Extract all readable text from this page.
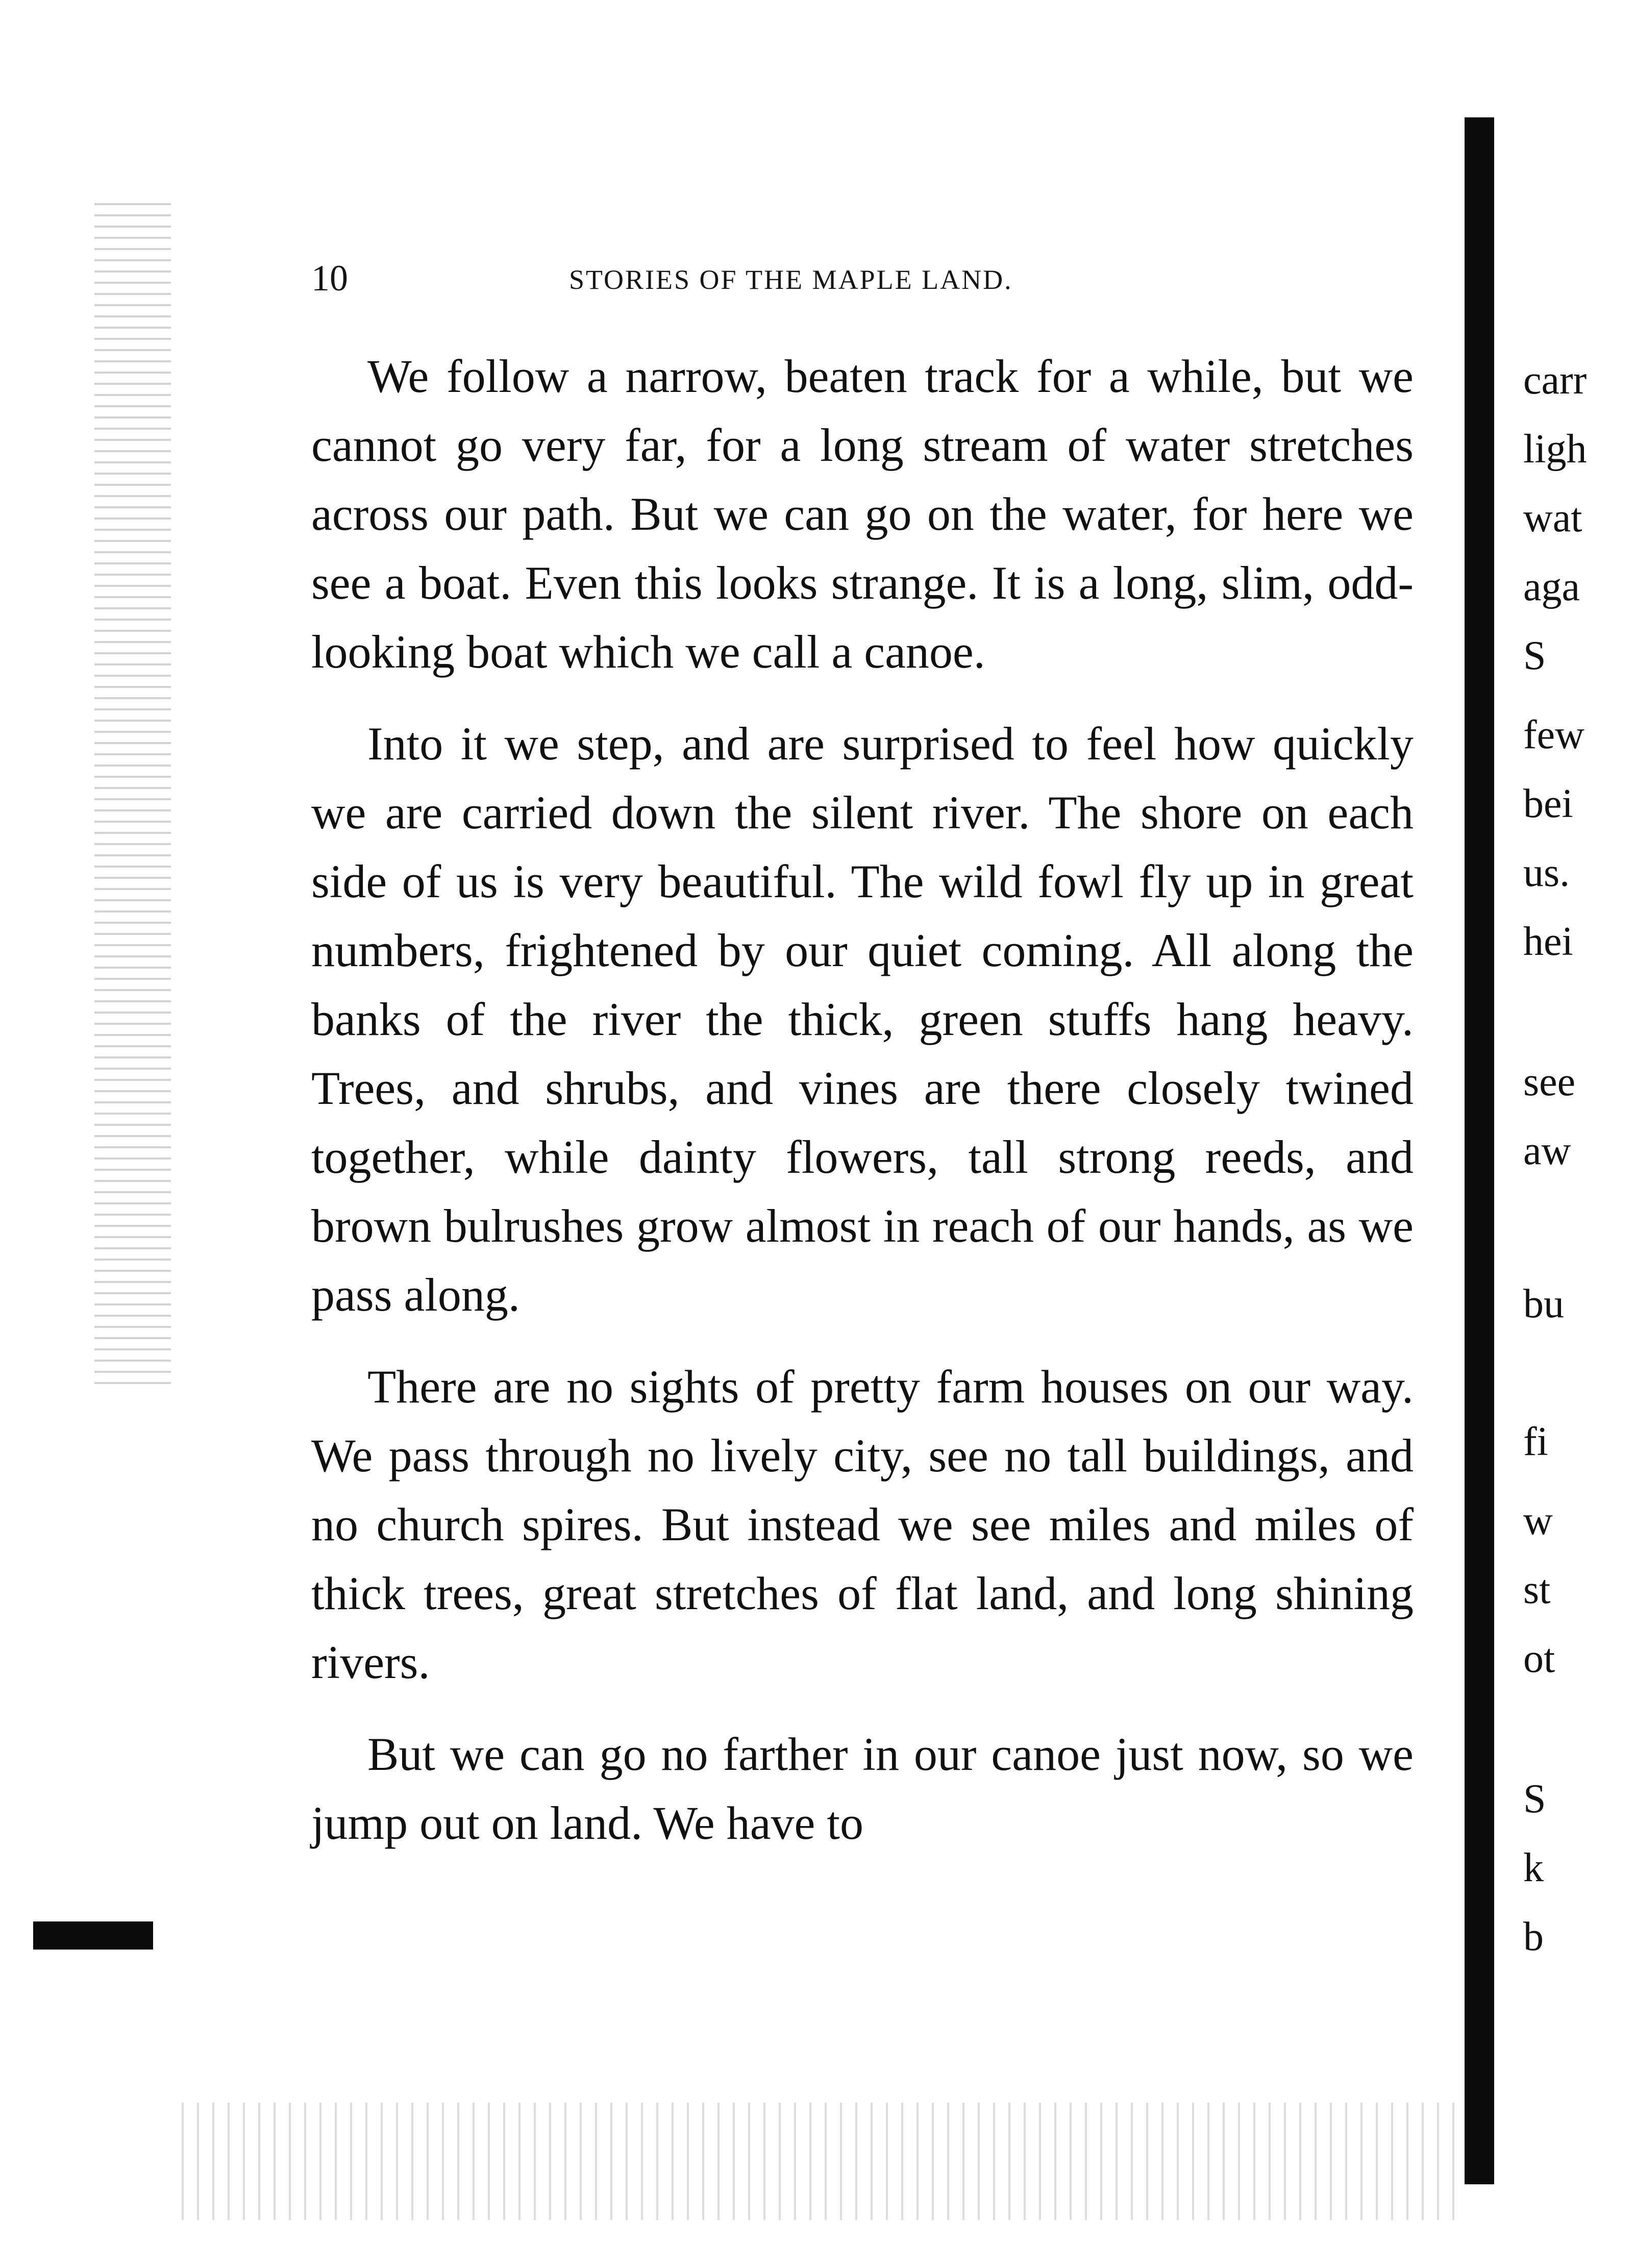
10	STORIES OF THE MAPLE LAND.

We follow a narrow, beaten track for a while, but we cannot go very far, for a long stream of water stretches across our path. But we can go on the water, for here we see a boat. Even this looks strange. It is a long, slim, odd-looking boat which we call a canoe.

Into it we step, and are surprised to feel how quickly we are carried down the silent river. The shore on each side of us is very beautiful. The wild fowl fly up in great numbers, frightened by our quiet coming. All along the banks of the river the thick, green stuffs hang heavy. Trees, and shrubs, and vines are there closely twined together, while dainty flowers, tall strong reeds, and brown bulrushes grow almost in reach of our hands, as we pass along.

There are no sights of pretty farm houses on our way. We pass through no lively city, see no tall buildings, and no church spires. But instead we see miles and miles of thick trees, great stretches of flat land, and long shining rivers.

But we can go no farther in our canoe just now, so we jump out on land. We have to

carr
ligh
wat
aga
S
few
bei
us.
hei
see
aw
bu
fi
w
st
ot
S
k
b
